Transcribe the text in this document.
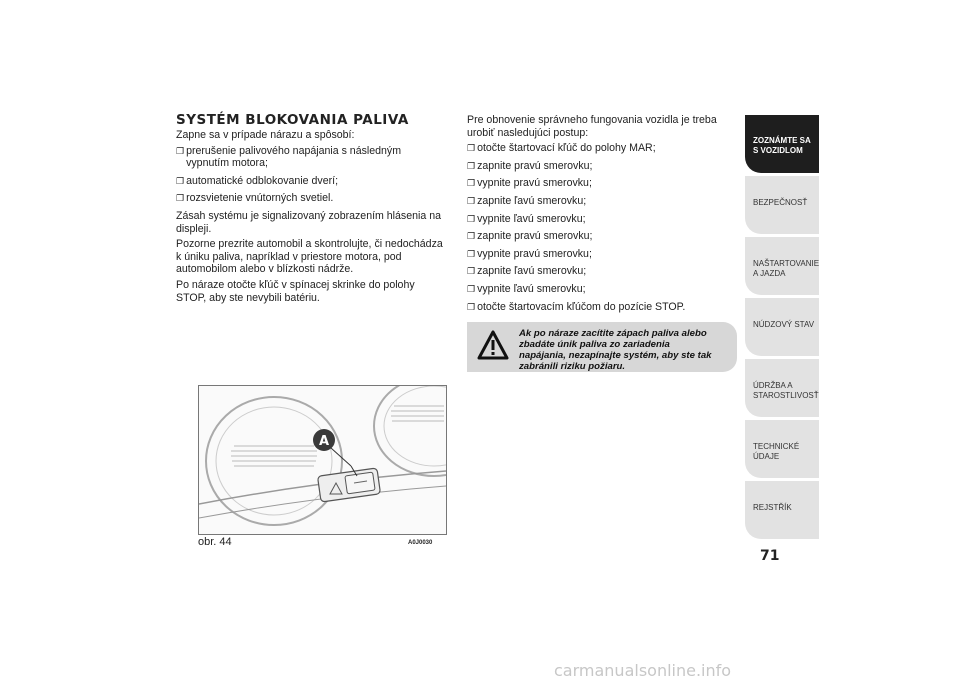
SYSTÉM BLOKOVANIA PALIVA

Zapne sa v prípade nárazu a spôsobí:

❐ prerušenie palivového napájania s následným vypnutím motora;
❐ automatické odblokovanie dverí;
❐ rozsvietenie vnútorných svetiel.

Zásah systému je signalizovaný zobrazením hlásenia na displeji.

Pozorne prezrite automobil a skontrolujte, či nedochádza k úniku paliva, napríklad v priestore motora, pod automobilom alebo v blízkosti nádrže.

Po náraze otočte kľúč v spínacej skrinke do polohy STOP, aby ste nevybili batériu.

Pre obnovenie správneho fungovania vozidla je treba urobiť nasledujúci postup:

❐ otočte štartovací kľúč do polohy MAR;
❐ zapnite pravú smerovku;
❐ vypnite pravú smerovku;
❐ zapnite ľavú smerovku;
❐ vypnite ľavú smerovku;
❐ zapnite pravú smerovku;
❐ vypnite pravú smerovku;
❐ zapnite ľavú smerovku;
❐ vypnite ľavú smerovku;
❐ otočte štartovacím kľúčom do pozície STOP.
Ak po náraze zacítite zápach paliva alebo zbadáte únik paliva zo zariadenia napájania, nezapínajte systém, aby ste tak zabránili riziku požiaru.
A
obr. 44	A0J0030
ZOZNÁMTE SA S VOZIDLOM
BEZPEČNOSŤ
NAŠTARTOVANIE A JAZDA
NÚDZOVÝ STAV
ÚDRŽBA A STAROSTLIVOSŤ
TECHNICKÉ ÚDAJE
REJSTŘÍK
71
carmanualsonline.info
